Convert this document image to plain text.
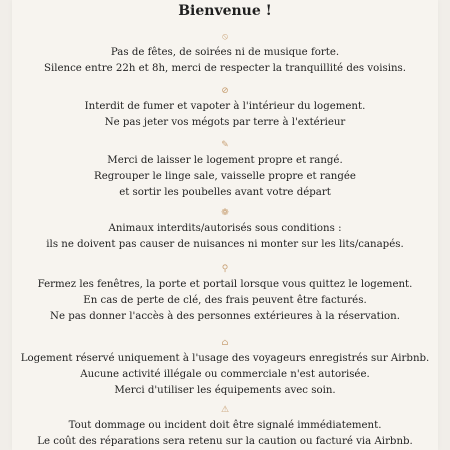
Bienvenue !
⦸
Pas de fêtes, de soirées ni de musique forte.
Silence entre 22h et 8h, merci de respecter la tranquillité des voisins.
⊘
Interdit de fumer et vapoter à l'intérieur du logement.
Ne pas jeter vos mégots par terre à l'extérieur
✎
Merci de laisser le logement propre et rangé.
Regrouper le linge sale, vaisselle propre et rangée
et sortir les poubelles avant votre départ
❁
Animaux interdits/autorisés sous conditions :
ils ne doivent pas causer de nuisances ni monter sur les lits/canapés.
⚲
Fermez les fenêtres, la porte et portail lorsque vous quittez le logement.
En cas de perte de clé, des frais peuvent être facturés.
Ne pas donner l'accès à des personnes extérieures à la réservation.
⌂
Logement réservé uniquement à l'usage des voyageurs enregistrés sur Airbnb.
Aucune activité illégale ou commerciale n'est autorisée.
Merci d'utiliser les équipements avec soin.
⚠
Tout dommage ou incident doit être signalé immédiatement.
Le coût des réparations sera retenu sur la caution ou facturé via Airbnb.
